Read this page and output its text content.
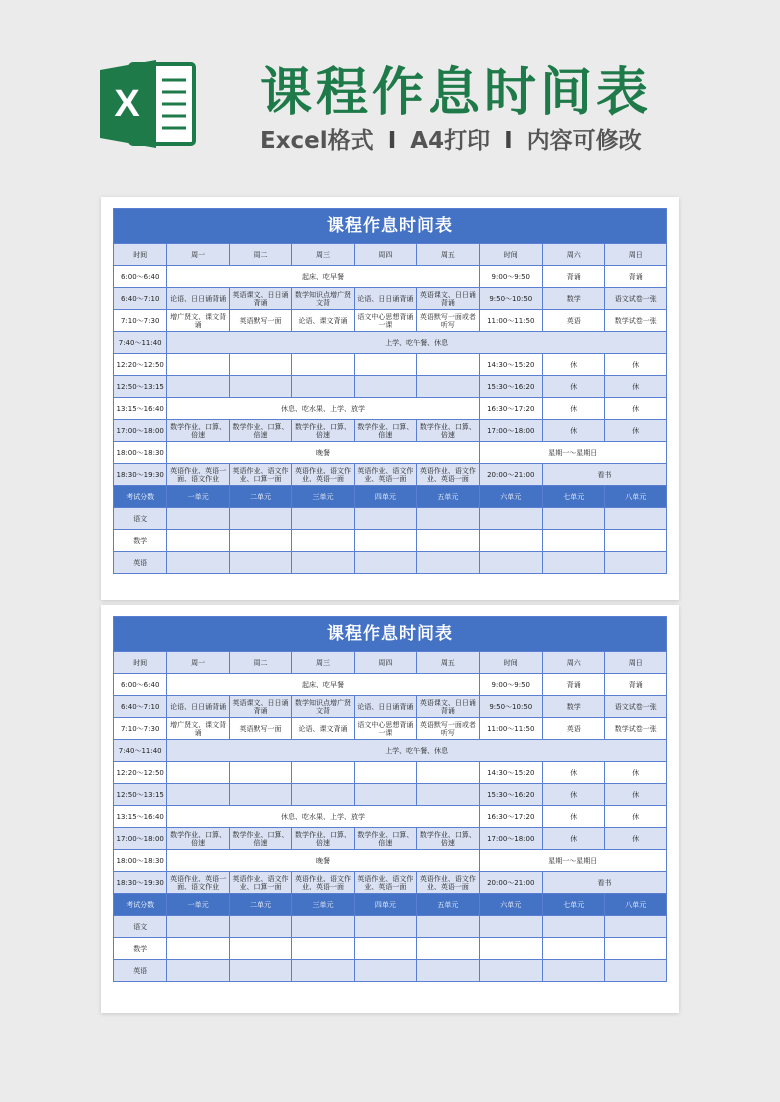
X 课程作息时间表
Excel格式 I A4打印 I 内容可修改
课程作息时间表								
时间	周一	周二	周三	周四	周五	时间	周六	周日
6:00～6:40	起床、吃早餐					9:00～9:50	背诵	背诵
6:40～7:10	论语、日日诵背诵	英语课文、日日诵背诵	数学知识点增广贤文背	论语、日日诵背诵	英语课文、日日诵背诵	9:50～10:50	数学	语文试卷一张
7:10～7:30	增广贤文、课文背诵	英语默写一面	论语、课文背诵	语文中心思想背诵一课	英语默写一面或者听写	11:00～11:50	英语	数学试卷一张
7:40～11:40	上学、吃午餐、休息							
12:20～12:50						14:30～15:20	休	休
12:50～13:15						15:30～16:20	休	休
13:15～16:40	休息、吃水果、上学、放学					16:30～17:20	休	休
17:00～18:00	数学作业、口算、倍速	数学作业、口算、倍速	数学作业、口算、倍速	数学作业、口算、倍速	数学作业、口算、倍速	17:00～18:00	休	休
18:00～18:30	晚餐					星期一～星期日		
18:30～19:30	英语作业、英语一面、语文作业	英语作业、语文作业、口算一面	英语作业、语文作业、英语一面	英语作业、语文作业、英语一面	英语作业、语文作业、英语一面	20:00～21:00	看书	
考试分数	一单元	二单元	三单元	四单元	五单元	六单元	七单元	八单元
语文								
数学								
英语								
课程作息时间表								
时间	周一	周二	周三	周四	周五	时间	周六	周日
6:00～6:40	起床、吃早餐					9:00～9:50	背诵	背诵
6:40～7:10	论语、日日诵背诵	英语课文、日日诵背诵	数学知识点增广贤文背	论语、日日诵背诵	英语课文、日日诵背诵	9:50～10:50	数学	语文试卷一张
7:10～7:30	增广贤文、课文背诵	英语默写一面	论语、课文背诵	语文中心思想背诵一课	英语默写一面或者听写	11:00～11:50	英语	数学试卷一张
7:40～11:40	上学、吃午餐、休息							
12:20～12:50						14:30～15:20	休	休
12:50～13:15						15:30～16:20	休	休
13:15～16:40	休息、吃水果、上学、放学					16:30～17:20	休	休
17:00～18:00	数学作业、口算、倍速	数学作业、口算、倍速	数学作业、口算、倍速	数学作业、口算、倍速	数学作业、口算、倍速	17:00～18:00	休	休
18:00～18:30	晚餐					星期一～星期日		
18:30～19:30	英语作业、英语一面、语文作业	英语作业、语文作业、口算一面	英语作业、语文作业、英语一面	英语作业、语文作业、英语一面	英语作业、语文作业、英语一面	20:00～21:00	看书	
考试分数	一单元	二单元	三单元	四单元	五单元	六单元	七单元	八单元
语文								
数学								
英语								
